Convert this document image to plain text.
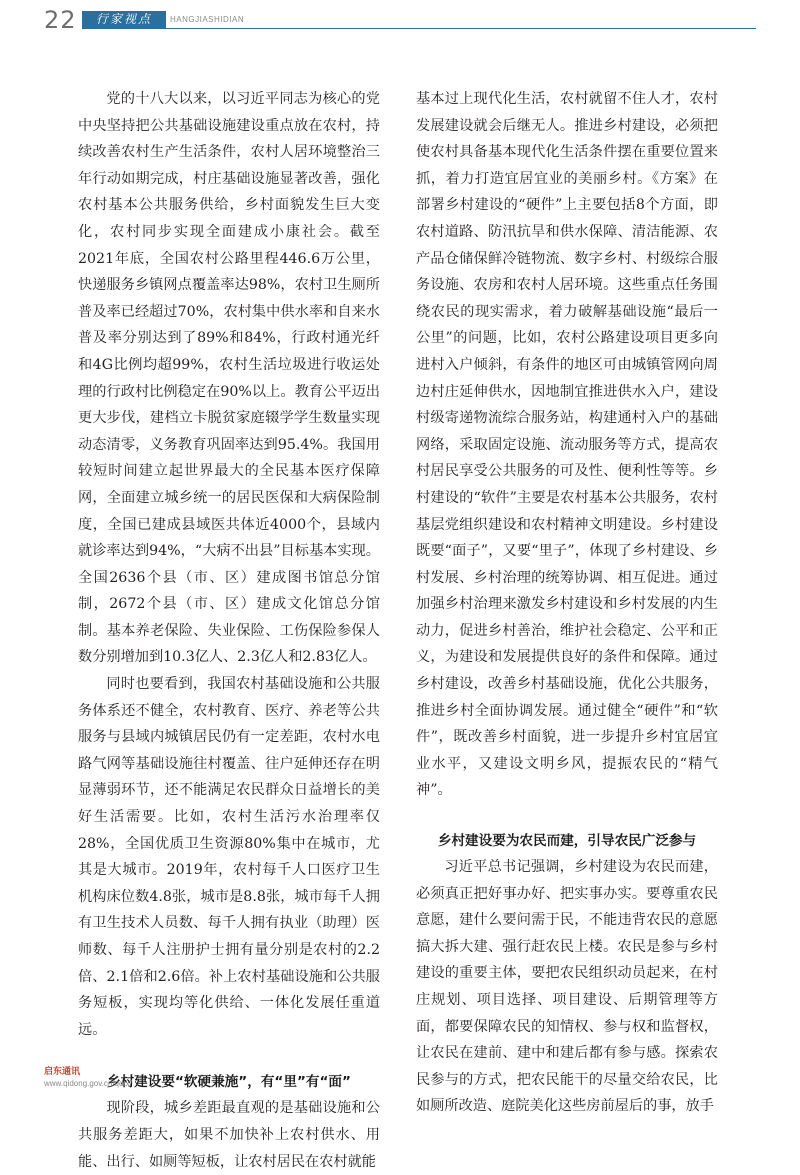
22	行家视点	HANGJIASHIDIAN

党的十八大以来，以习近平同志为核心的党中央坚持把公共基础设施建设重点放在农村，持续改善农村生产生活条件，农村人居环境整治三年行动如期完成，村庄基础设施显著改善，强化农村基本公共服务供给，乡村面貌发生巨大变化，农村同步实现全面建成小康社会。截至2021年底，全国农村公路里程446.6万公里，快递服务乡镇网点覆盖率达98%，农村卫生厕所普及率已经超过70%，农村集中供水率和自来水普及率分别达到了89%和84%，行政村通光纤和4G比例均超99%，农村生活垃圾进行收运处理的行政村比例稳定在90%以上。教育公平迈出更大步伐，建档立卡脱贫家庭辍学学生数量实现动态清零，义务教育巩固率达到95.4%。我国用较短时间建立起世界最大的全民基本医疗保障网，全面建立城乡统一的居民医保和大病保险制度，全国已建成县域医共体近4000个，县域内就诊率达到94%，“大病不出县”目标基本实现。全国2636个县（市、区）建成图书馆总分馆制，2672个县（市、区）建成文化馆总分馆制。基本养老保险、失业保险、工伤保险参保人数分别增加到10.3亿人、2.3亿人和2.83亿人。

同时也要看到，我国农村基础设施和公共服务体系还不健全，农村教育、医疗、养老等公共服务与县域内城镇居民仍有一定差距，农村水电路气网等基础设施往村覆盖、往户延伸还存在明显薄弱环节，还不能满足农民群众日益增长的美好生活需要。比如，农村生活污水治理率仅28%，全国优质卫生资源80%集中在城市，尤其是大城市。2019年，农村每千人口医疗卫生机构床位数4.8张，城市是8.8张，城市每千人拥有卫生技术人员数、每千人拥有执业（助理）医师数、每千人注册护士拥有量分别是农村的2.2倍、2.1倍和2.6倍。补上农村基础设施和公共服务短板，实现均等化供给、一体化发展任重道远。

乡村建设要“软硬兼施”，有“里”有“面”

现阶段，城乡差距最直观的是基础设施和公共服务差距大，如果不加快补上农村供水、用能、出行、如厕等短板，让农村居民在农村就能

基本过上现代化生活，农村就留不住人才，农村发展建设就会后继无人。推进乡村建设，必须把使农村具备基本现代化生活条件摆在重要位置来抓，着力打造宜居宜业的美丽乡村。《方案》在部署乡村建设的“硬件”上主要包括8个方面，即农村道路、防汛抗旱和供水保障、清洁能源、农产品仓储保鲜冷链物流、数字乡村、村级综合服务设施、农房和农村人居环境。这些重点任务围绕农民的现实需求，着力破解基础设施“最后一公里”的问题，比如，农村公路建设项目更多向进村入户倾斜，有条件的地区可由城镇管网向周边村庄延伸供水，因地制宜推进供水入户，建设村级寄递物流综合服务站，构建通村入户的基础网络，采取固定设施、流动服务等方式，提高农村居民享受公共服务的可及性、便利性等等。乡村建设的“软件”主要是农村基本公共服务，农村基层党组织建设和农村精神文明建设。乡村建设既要“面子”，又要“里子”，体现了乡村建设、乡村发展、乡村治理的统筹协调、相互促进。通过加强乡村治理来激发乡村建设和乡村发展的内生动力，促进乡村善治，维护社会稳定、公平和正义，为建设和发展提供良好的条件和保障。通过乡村建设，改善乡村基础设施，优化公共服务，推进乡村全面协调发展。通过健全“硬件”和“软件”，既改善乡村面貌，进一步提升乡村宜居宜业水平，又建设文明乡风，提振农民的“精气神”。

乡村建设要为农民而建，引导农民广泛参与

习近平总书记强调，乡村建设为农民而建，必须真正把好事办好、把实事办实。要尊重农民意愿，建什么要问需于民，不能违背农民的意愿搞大拆大建、强行赶农民上楼。农民是参与乡村建设的重要主体，要把农民组织动员起来，在村庄规划、项目选择、项目建设、后期管理等方面，都要保障农民的知情权、参与权和监督权，让农民在建前、建中和建后都有参与感。探索农民参与的方式，把农民能干的尽量交给农民，比如厕所改造、庭院美化这些房前屋后的事，放手

启东通讯
www.qidong.gov.cn/qdtx/
